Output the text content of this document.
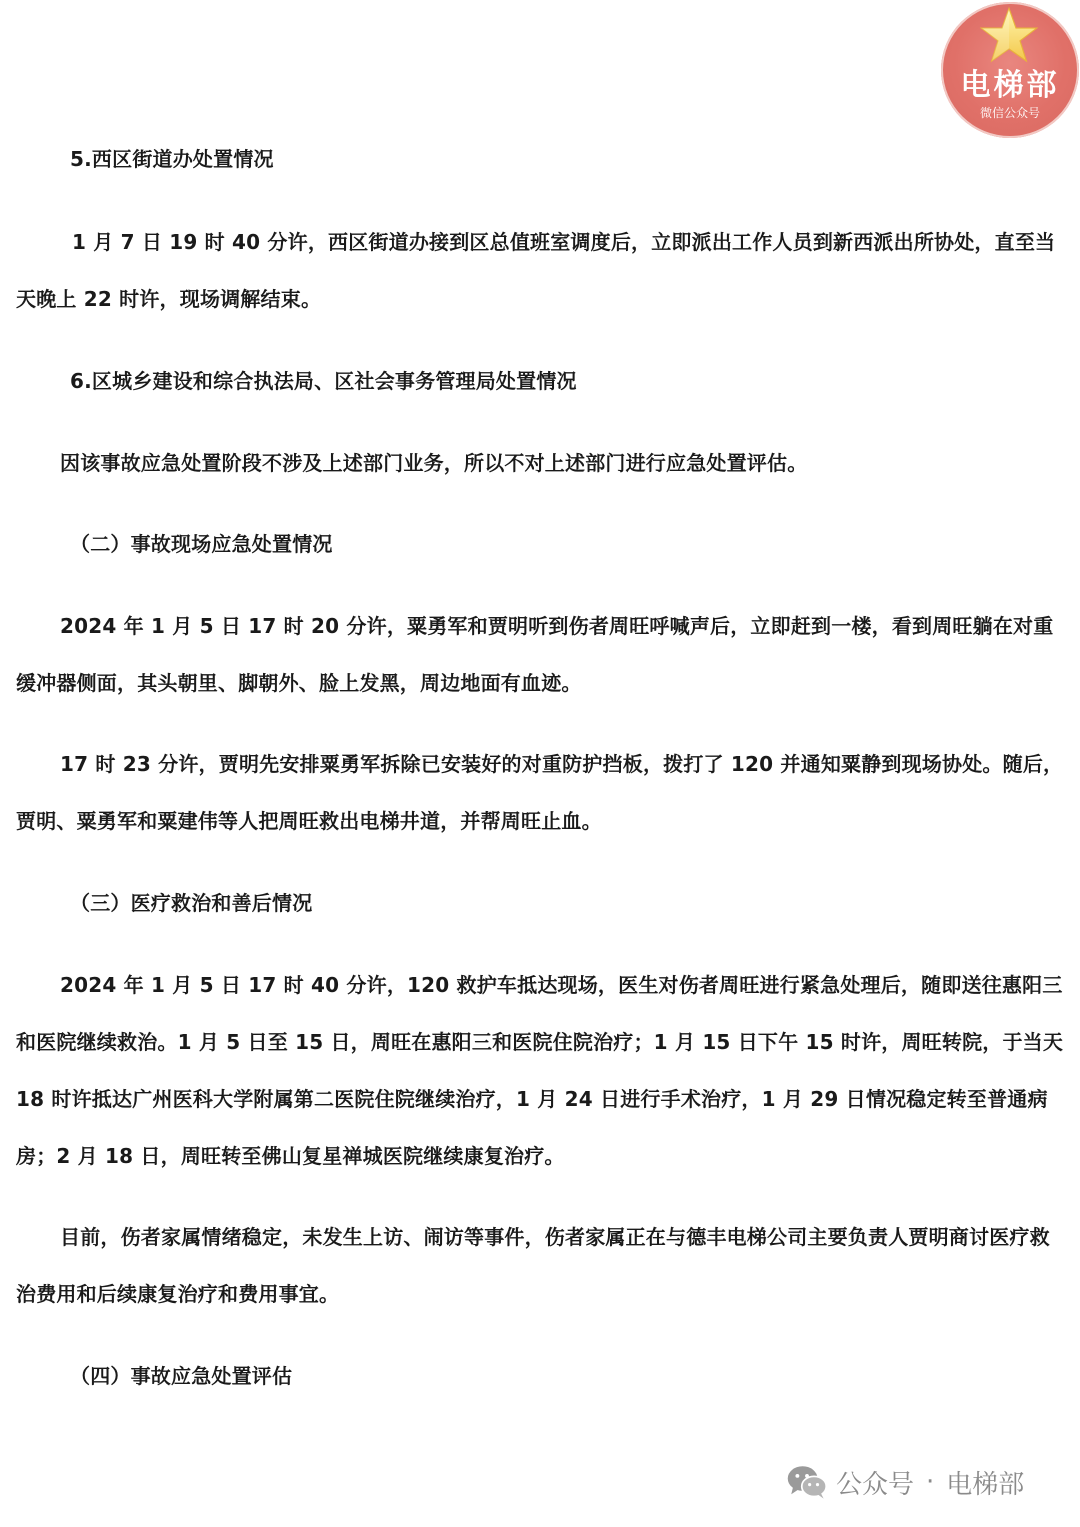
电梯部
微信公众号

5.西区街道办处置情况

1 月 7 日 19 时 40 分许，西区街道办接到区总值班室调度后，立即派出工作人员到新西派出所协处，直至当天晚上 22 时许，现场调解结束。

6.区城乡建设和综合执法局、区社会事务管理局处置情况

因该事故应急处置阶段不涉及上述部门业务，所以不对上述部门进行应急处置评估。

（二）事故现场应急处置情况

2024 年 1 月 5 日 17 时 20 分许，粟勇军和贾明听到伤者周旺呼喊声后，立即赶到一楼，看到周旺躺在对重缓冲器侧面，其头朝里、脚朝外、脸上发黑，周边地面有血迹。

17 时 23 分许，贾明先安排粟勇军拆除已安装好的对重防护挡板，拨打了 120 并通知粟静到现场协处。随后，贾明、粟勇军和粟建伟等人把周旺救出电梯井道，并帮周旺止血。

（三）医疗救治和善后情况

2024 年 1 月 5 日 17 时 40 分许，120 救护车抵达现场，医生对伤者周旺进行紧急处理后，随即送往惠阳三和医院继续救治。1 月 5 日至 15 日，周旺在惠阳三和医院住院治疗；1 月 15 日下午 15 时许，周旺转院，于当天 18 时许抵达广州医科大学附属第二医院住院继续治疗，1 月 24 日进行手术治疗，1 月 29 日情况稳定转至普通病房；2 月 18 日，周旺转至佛山复星禅城医院继续康复治疗。

目前，伤者家属情绪稳定，未发生上访、闹访等事件，伤者家属正在与德丰电梯公司主要负责人贾明商讨医疗救治费用和后续康复治疗和费用事宜。

（四）事故应急处置评估

公众号 · 电梯部
